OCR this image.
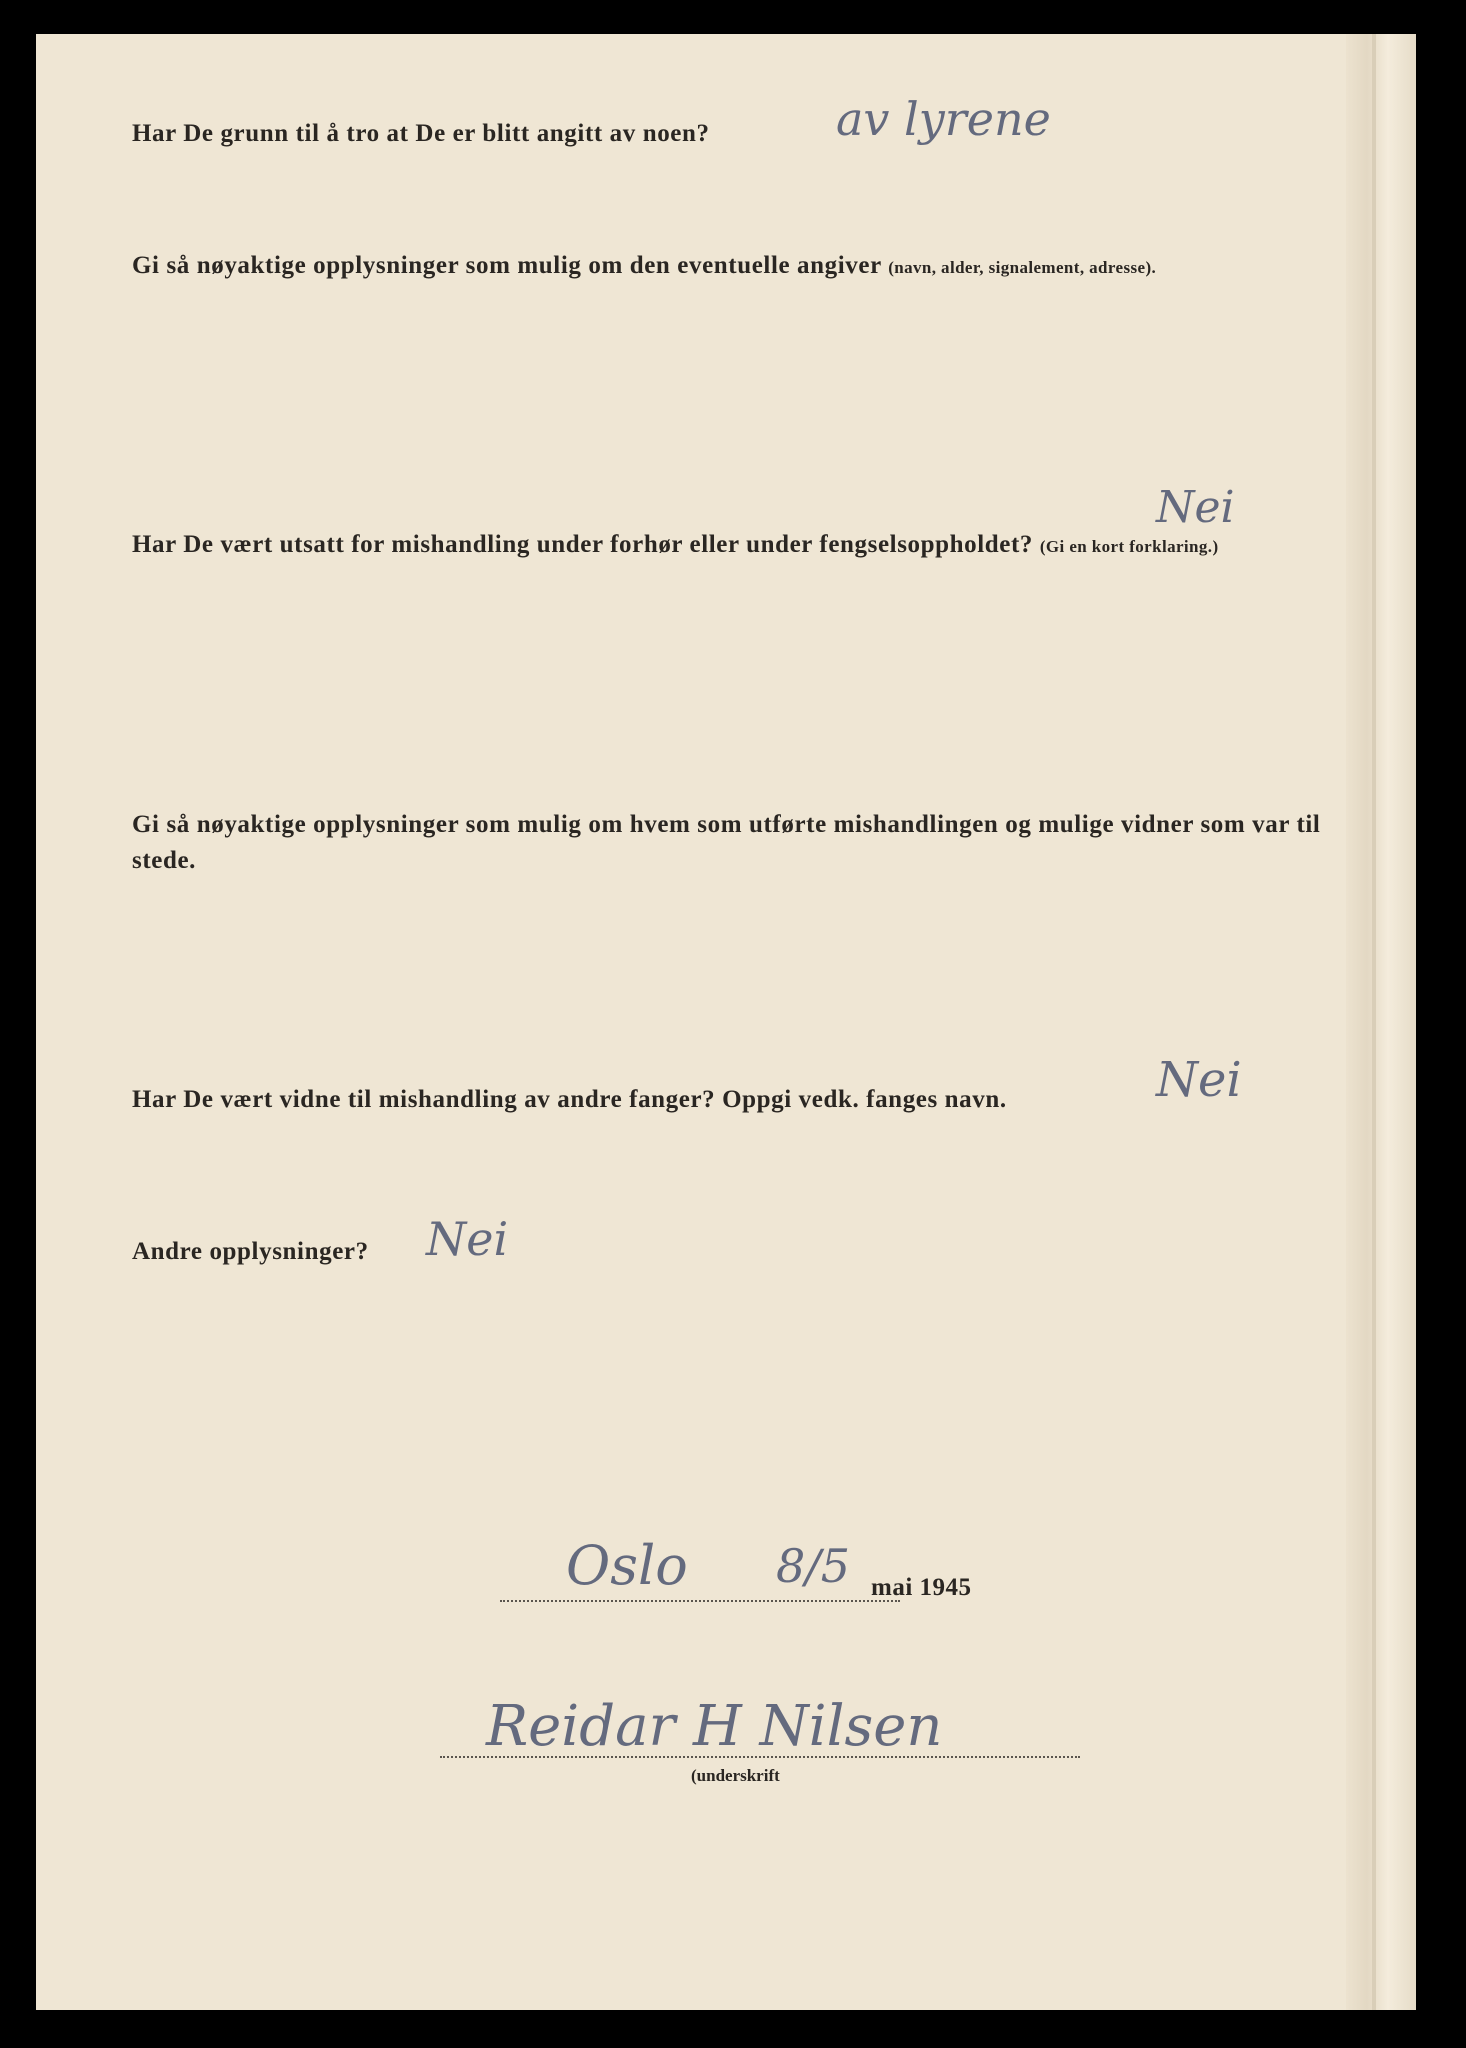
Har De grunn til å tro at De er blitt angitt av noen?	av lyrene
Gi så nøyaktige opplysninger som mulig om den eventuelle angiver (navn, alder, signalement, adresse).
Har De vært utsatt for mishandling under forhør eller under fengselsoppholdet? (Gi en kort forklaring.)
Nei
Gi så nøyaktige opplysninger som mulig om hvem som utførte mishandlingen og mulige vidner som var til stede.
Har De vært vidne til mishandling av andre fanger? Oppgi vedk. fanges navn.	Nei
Andre opplysninger? Nei
Oslo 8/5 mai 1945
Reidar H Nilsen
(underskrift
